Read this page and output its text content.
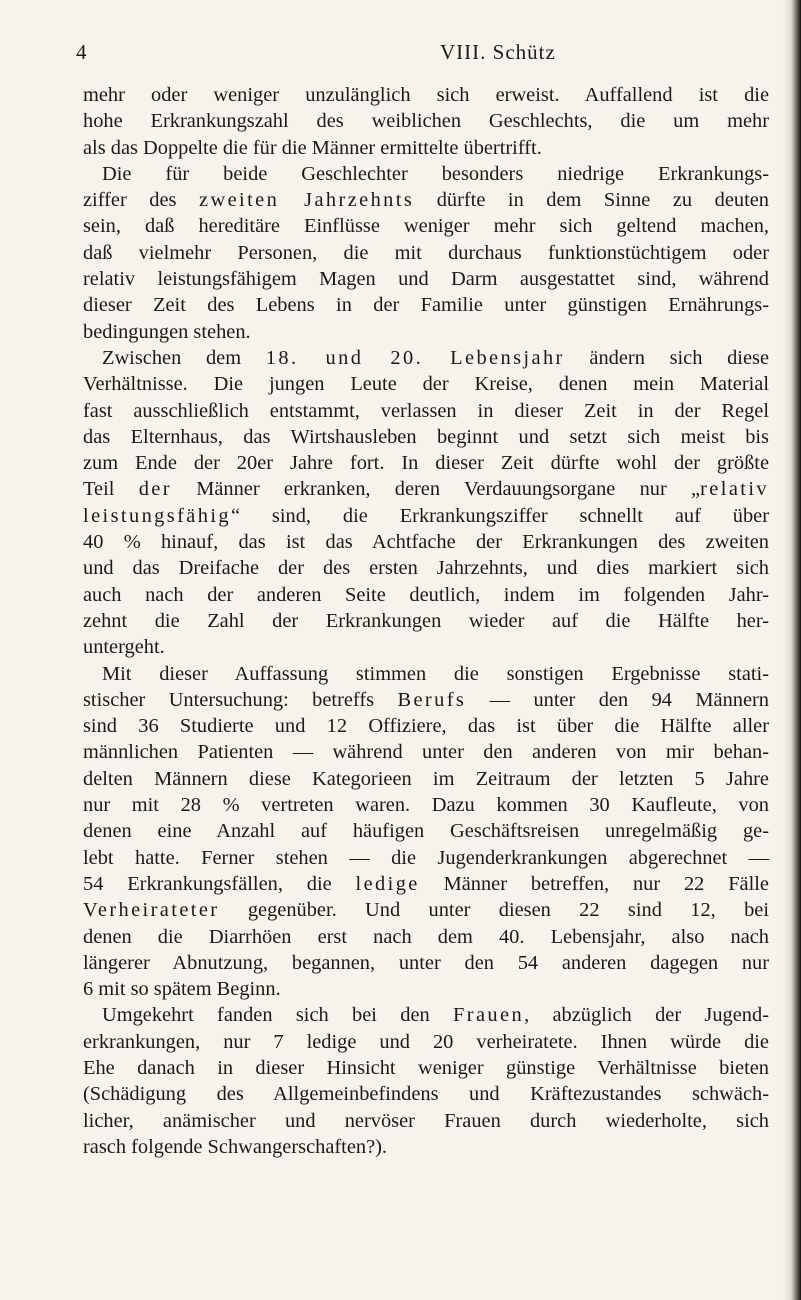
4	VIII. Schütz
mehr oder weniger unzulänglich sich erweist. Auffallend ist die
hohe Erkrankungszahl des weiblichen Geschlechts, die um mehr
als das Doppelte die für die Männer ermittelte übertrifft.
Die für beide Geschlechter besonders niedrige Erkrankungs-
ziffer des zweiten Jahrzehnts dürfte in dem Sinne zu deuten
sein, daß hereditäre Einflüsse weniger mehr sich geltend machen,
daß vielmehr Personen, die mit durchaus funktionstüchtigem oder
relativ leistungsfähigem Magen und Darm ausgestattet sind, während
dieser Zeit des Lebens in der Familie unter günstigen Ernährungs-
bedingungen stehen.
Zwischen dem 18. und 20. Lebensjahr ändern sich diese
Verhältnisse. Die jungen Leute der Kreise, denen mein Material
fast ausschließlich entstammt, verlassen in dieser Zeit in der Regel
das Elternhaus, das Wirtshausleben beginnt und setzt sich meist bis
zum Ende der 20er Jahre fort. In dieser Zeit dürfte wohl der größte
Teil der Männer erkranken, deren Verdauungsorgane nur „relativ
leistungsfähig“ sind, die Erkrankungsziffer schnellt auf über
40 % hinauf, das ist das Achtfache der Erkrankungen des zweiten
und das Dreifache der des ersten Jahrzehnts, und dies markiert sich
auch nach der anderen Seite deutlich, indem im folgenden Jahr-
zehnt die Zahl der Erkrankungen wieder auf die Hälfte her-
untergeht.
Mit dieser Auffassung stimmen die sonstigen Ergebnisse stati-
stischer Untersuchung: betreffs Berufs — unter den 94 Männern
sind 36 Studierte und 12 Offiziere, das ist über die Hälfte aller
männlichen Patienten — während unter den anderen von mir behan-
delten Männern diese Kategorieen im Zeitraum der letzten 5 Jahre
nur mit 28 % vertreten waren. Dazu kommen 30 Kaufleute, von
denen eine Anzahl auf häufigen Geschäftsreisen unregelmäßig ge-
lebt hatte. Ferner stehen — die Jugenderkrankungen abgerechnet —
54 Erkrankungsfällen, die ledige Männer betreffen, nur 22 Fälle
Verheirateter gegenüber. Und unter diesen 22 sind 12, bei
denen die Diarrhöen erst nach dem 40. Lebensjahr, also nach
längerer Abnutzung, begannen, unter den 54 anderen dagegen nur
6 mit so spätem Beginn.
Umgekehrt fanden sich bei den Frauen, abzüglich der Jugend-
erkrankungen, nur 7 ledige und 20 verheiratete. Ihnen würde die
Ehe danach in dieser Hinsicht weniger günstige Verhältnisse bieten
(Schädigung des Allgemeinbefindens und Kräftezustandes schwäch-
licher, anämischer und nervöser Frauen durch wiederholte, sich
rasch folgende Schwangerschaften?).
